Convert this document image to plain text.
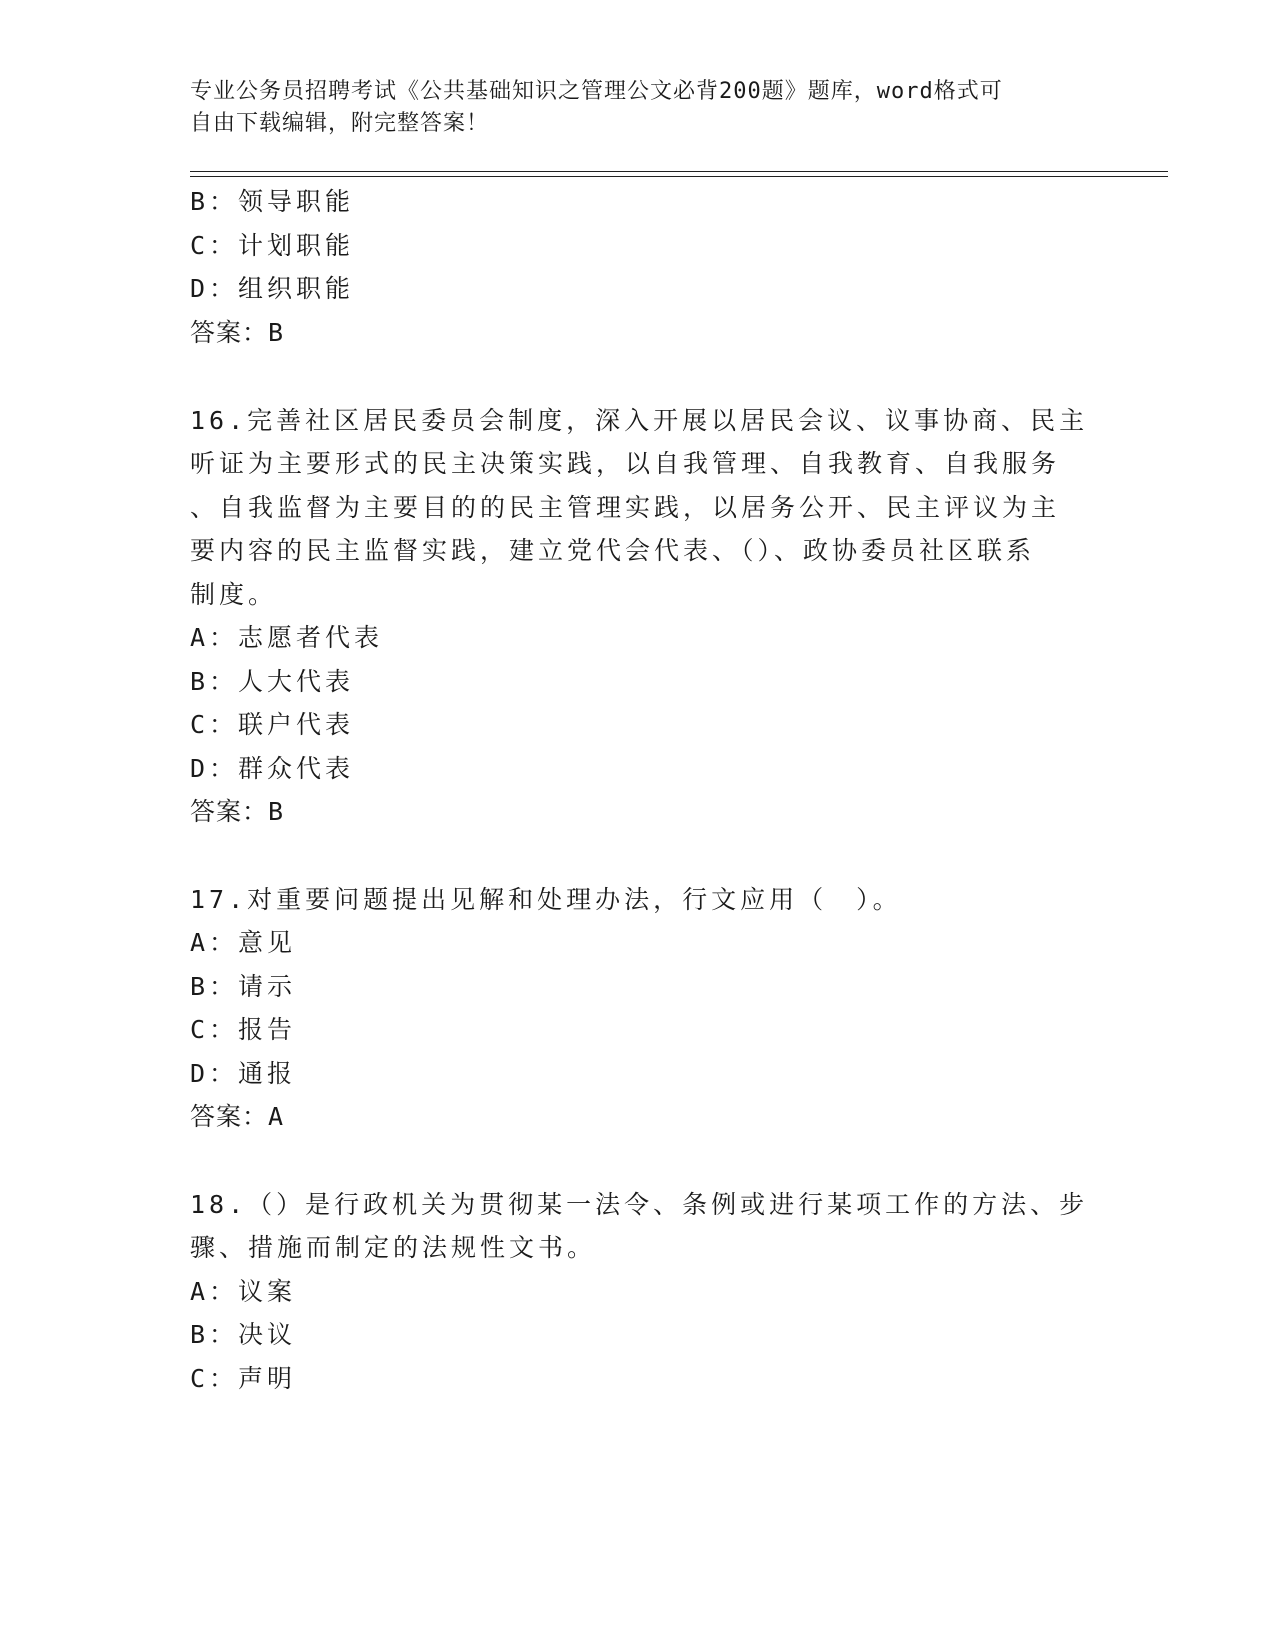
专业公务员招聘考试《公共基础知识之管理公文必背200题》题库，word格式可
自由下载编辑，附完整答案！
B：领导职能
C：计划职能
D：组织职能
答案：B
16.完善社区居民委员会制度，深入开展以居民会议、议事协商、民主
听证为主要形式的民主决策实践，以自我管理、自我教育、自我服务
、自我监督为主要目的的民主管理实践，以居务公开、民主评议为主
要内容的民主监督实践，建立党代会代表、（）、政协委员社区联系
制度。
A：志愿者代表
B：人大代表
C：联户代表
D：群众代表
答案：B
17.对重要问题提出见解和处理办法，行文应用（　）。
A：意见
B：请示
C：报告
D：通报
答案：A
18.（）是行政机关为贯彻某一法令、条例或进行某项工作的方法、步
骤、措施而制定的法规性文书。
A：议案
B：决议
C：声明
